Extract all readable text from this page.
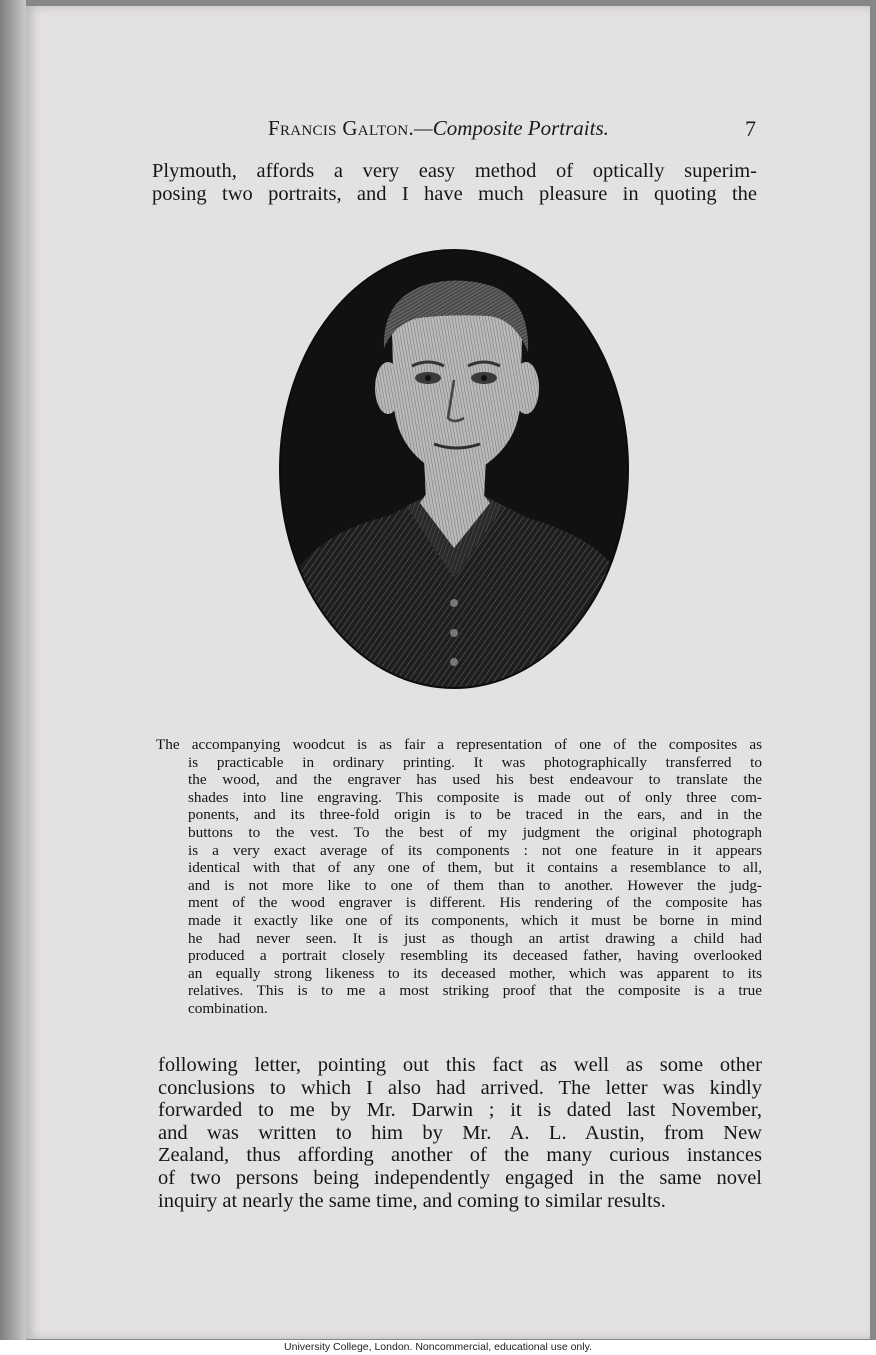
Francis Galton.—Composite Portraits.	7

Plymouth, affords a very easy method of optically superim-
posing two portraits, and I have much pleasure in quoting the

The accompanying woodcut is as fair a representation of one of the composites as
is practicable in ordinary printing. It was photographically transferred to
the wood, and the engraver has used his best endeavour to translate the
shades into line engraving. This composite is made out of only three com-
ponents, and its three-fold origin is to be traced in the ears, and in the
buttons to the vest. To the best of my judgment the original photograph
is a very exact average of its components : not one feature in it appears
identical with that of any one of them, but it contains a resemblance to all,
and is not more like to one of them than to another. However the judg-
ment of the wood engraver is different. His rendering of the composite has
made it exactly like one of its components, which it must be borne in mind
he had never seen. It is just as though an artist drawing a child had
produced a portrait closely resembling its deceased father, having overlooked
an equally strong likeness to its deceased mother, which was apparent to its
relatives. This is to me a most striking proof that the composite is a true
combination.

following letter, pointing out this fact as well as some other
conclusions to which I also had arrived. The letter was kindly
forwarded to me by Mr. Darwin ; it is dated last November,
and was written to him by Mr. A. L. Austin, from New
Zealand, thus affording another of the many curious instances
of two persons being independently engaged in the same novel
inquiry at nearly the same time, and coming to similar results.

University College, London. Noncommercial, educational use only.
